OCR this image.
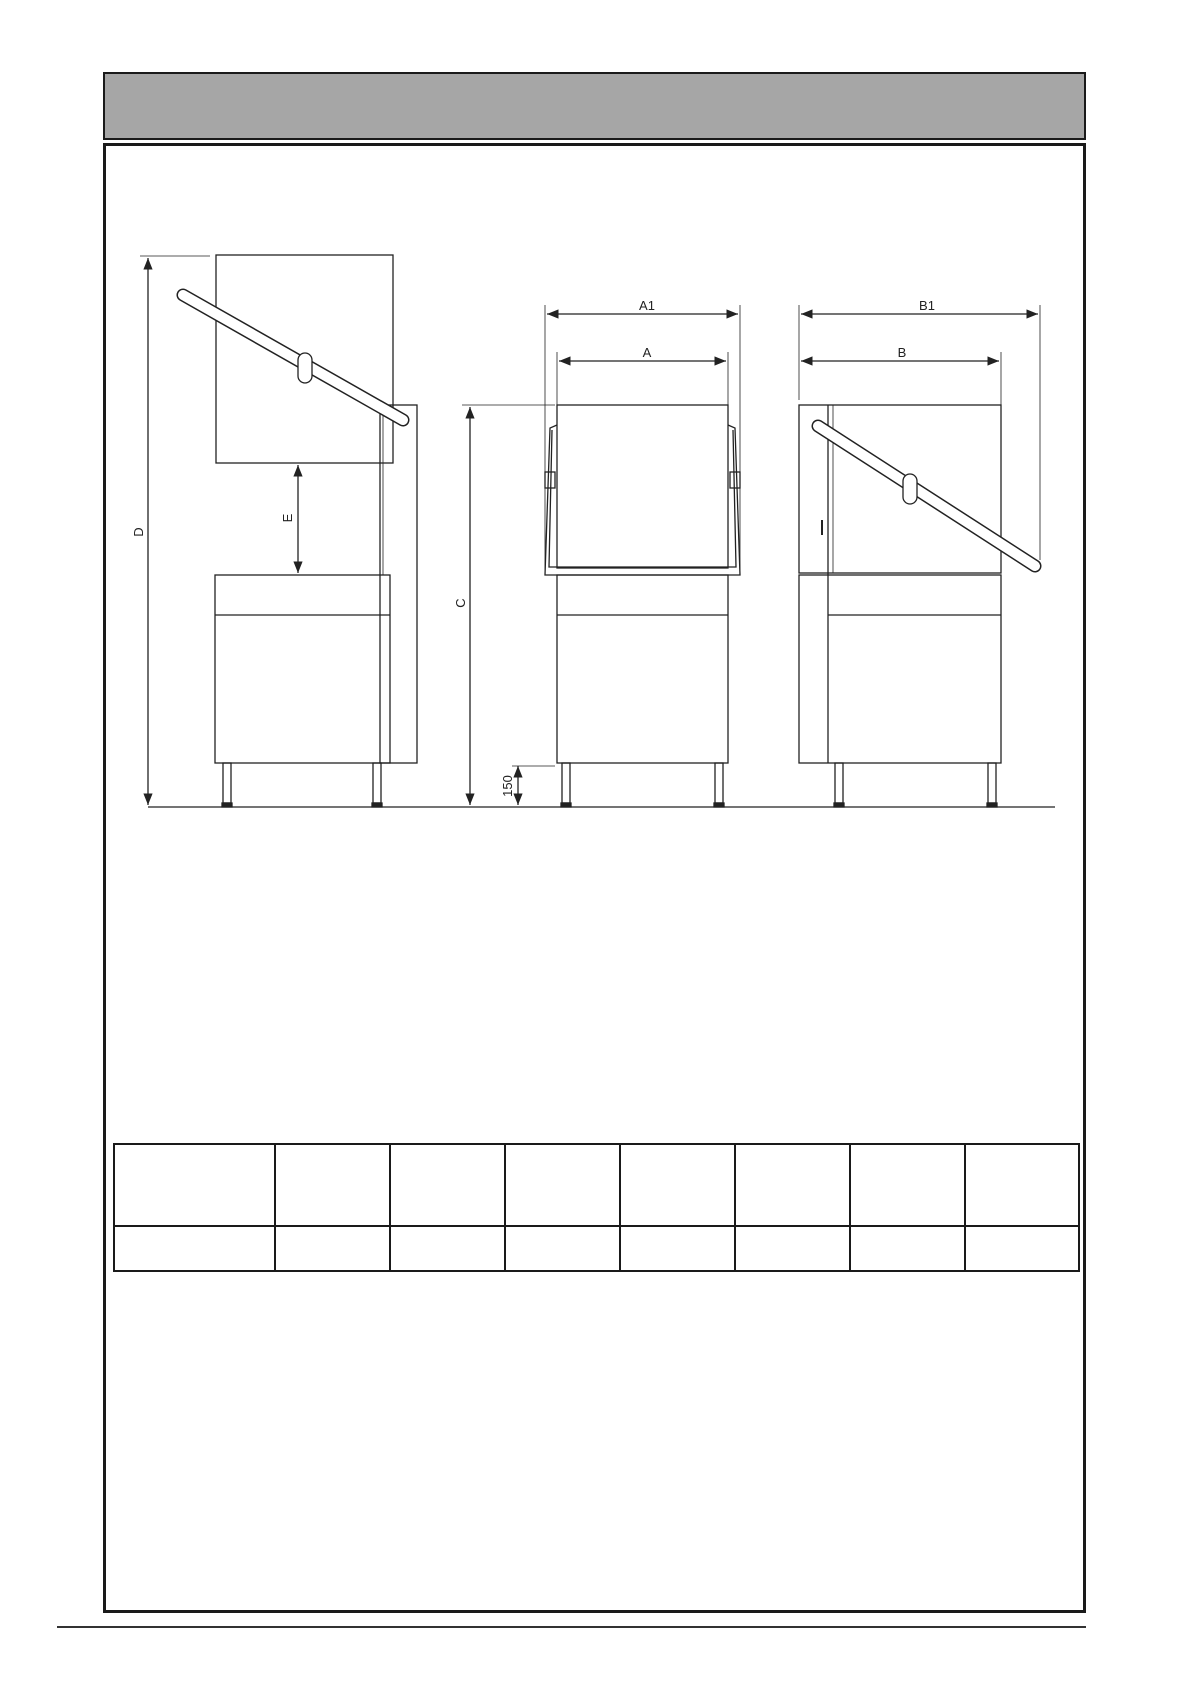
D
E
C
150
A1
A
B1
B
